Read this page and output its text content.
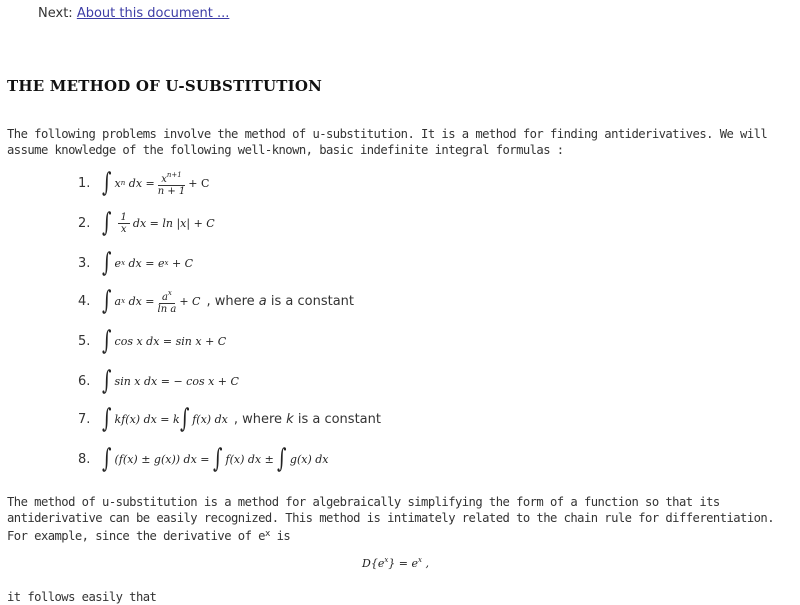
Next: About this document ...
THE METHOD OF U-SUBSTITUTION

The following problems involve the method of u-substitution. It is a method for finding antiderivatives. We will assume knowledge of the following well-known, basic indefinite integral formulas :

1. ∫ x n
dx = $\frac{x^{n+1}}{n + 1} + C$
2. ∫ $\frac{1}{x}$ dx = ln |x| + C
3. ∫ e x
dx = e x
+ C
4. ∫ a x
dx = $\frac{a^x}{\text{ln a}} + C$ , where a is a constant
5. ∫ cos x dx = sin x + C
6. ∫ sin x dx = − cos x + C
7. ∫ kf(x) dx = k ∫ f(x) dx , where k is a constant
8. ∫ (f(x) ± g(x)) dx =
∫ f(x) dx ±
∫ g(x) dx

The method of u-substitution is a method for algebraically simplifying the form of a function so that its antiderivative can be easily recognized. This method is intimately related to the chain rule for differentiation. For example, since the derivative of $e^x$ is

$D\{e^x\} = e^x$ ,

it follows easily that
